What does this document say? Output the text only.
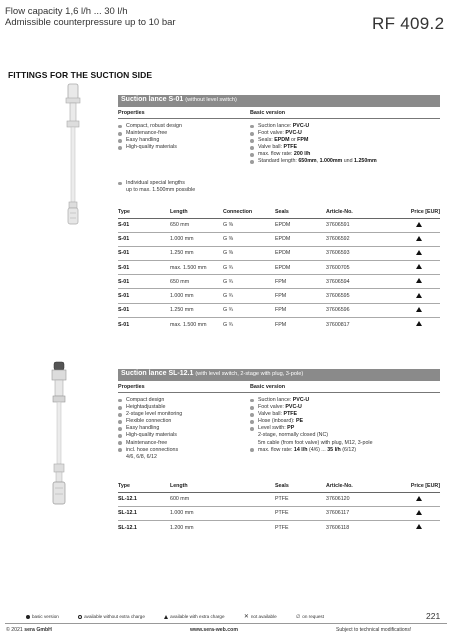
Flow capacity 1,6 l/h ... 30 l/h
Admissible counterpressure up to 10 bar	RF 409.2
FITTINGS FOR THE SUCTION SIDE
Suction lance S-01 (without level switch)
Properties	Basic version
Compact, robust design
Maintenance-free
Easy handling
High-quality materials
Individual special lengths
up to max. 1.500mm possible
Suction lance: PVC-U
Foot valve: PVC-U
Seals: EPDM or FPM
Valve ball: PTFE
max. flow rate: 200 l/h
Standard length: 650mm, 1.000mm und 1.250mm
Type	Length	Connection	Seals	Article-No.	Price [EUR]
S-01	650 mm	G ⅜	EPDM	37606591	
S-01	1.000 mm	G ⅜	EPDM	37606592	
S-01	1.250 mm	G ⅜	EPDM	37606593	
S-01	max. 1.500 mm	G ¾	EPDM	37600705	
S-01	650 mm	G ¾	FPM	37606594	
S-01	1.000 mm	G ¾	FPM	37606595	
S-01	1.250 mm	G ¾	FPM	37606596	
S-01	max. 1.500 mm	G ¾	FPM	37600817	
Suction lance SL-12.1 (with level switch, 2-stage with plug, 3-pole)
Properties	Basic version
Compact design
Heightadjustable
2-stage level monitoring
Flexible connection
Easy handling
High-quality materials
Maintenance-free
incl. hose connections
4/6, 6/8, 6/12
Suction lance: PVC-U
Foot valve: PVC-U
Valve ball: PTFE
Hose (inboard): PE
Level swith: PP
2-stage, normally closed (NC)
5m cable (from foot valve) with plug, M12, 3-pole
max. flow rate: 14 l/h (4/6) ... 35 l/h (6/12)
Type	Length	Seals	Article-No.	Price [EUR]
SL-12.1	600 mm	PTFE	37606120	
SL-12.1	1.000 mm	PTFE	37606117	
SL-12.1	1.200 mm	PTFE	37606118	
basic version	available without extra charge	available with extra charge	✕ not available	∅ on request	221
© 2021 sera GmbH	www.sera-web.com	Subject to technical modifications!
